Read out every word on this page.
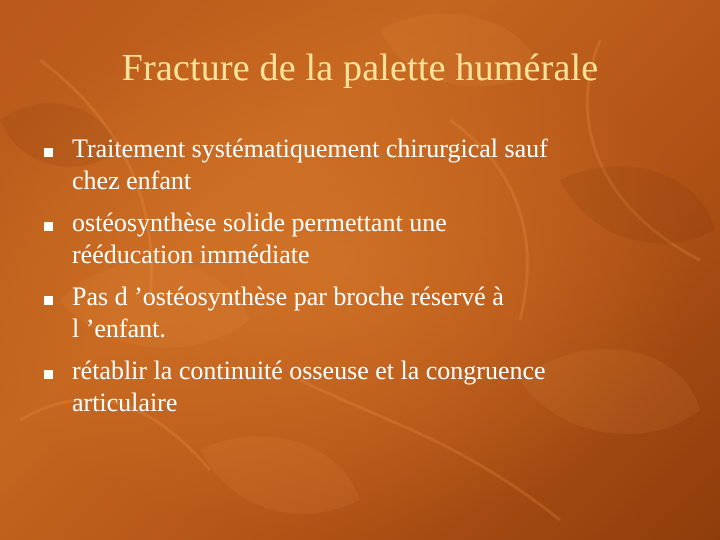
Fracture de la palette humérale
Traitement systématiquement chirurgical sauf
chez enfant
ostéosynthèse solide permettant une
rééducation immédiate
Pas d ’ostéosynthèse par broche réservé à
l ’enfant.
rétablir la continuité osseuse et la congruence
articulaire
